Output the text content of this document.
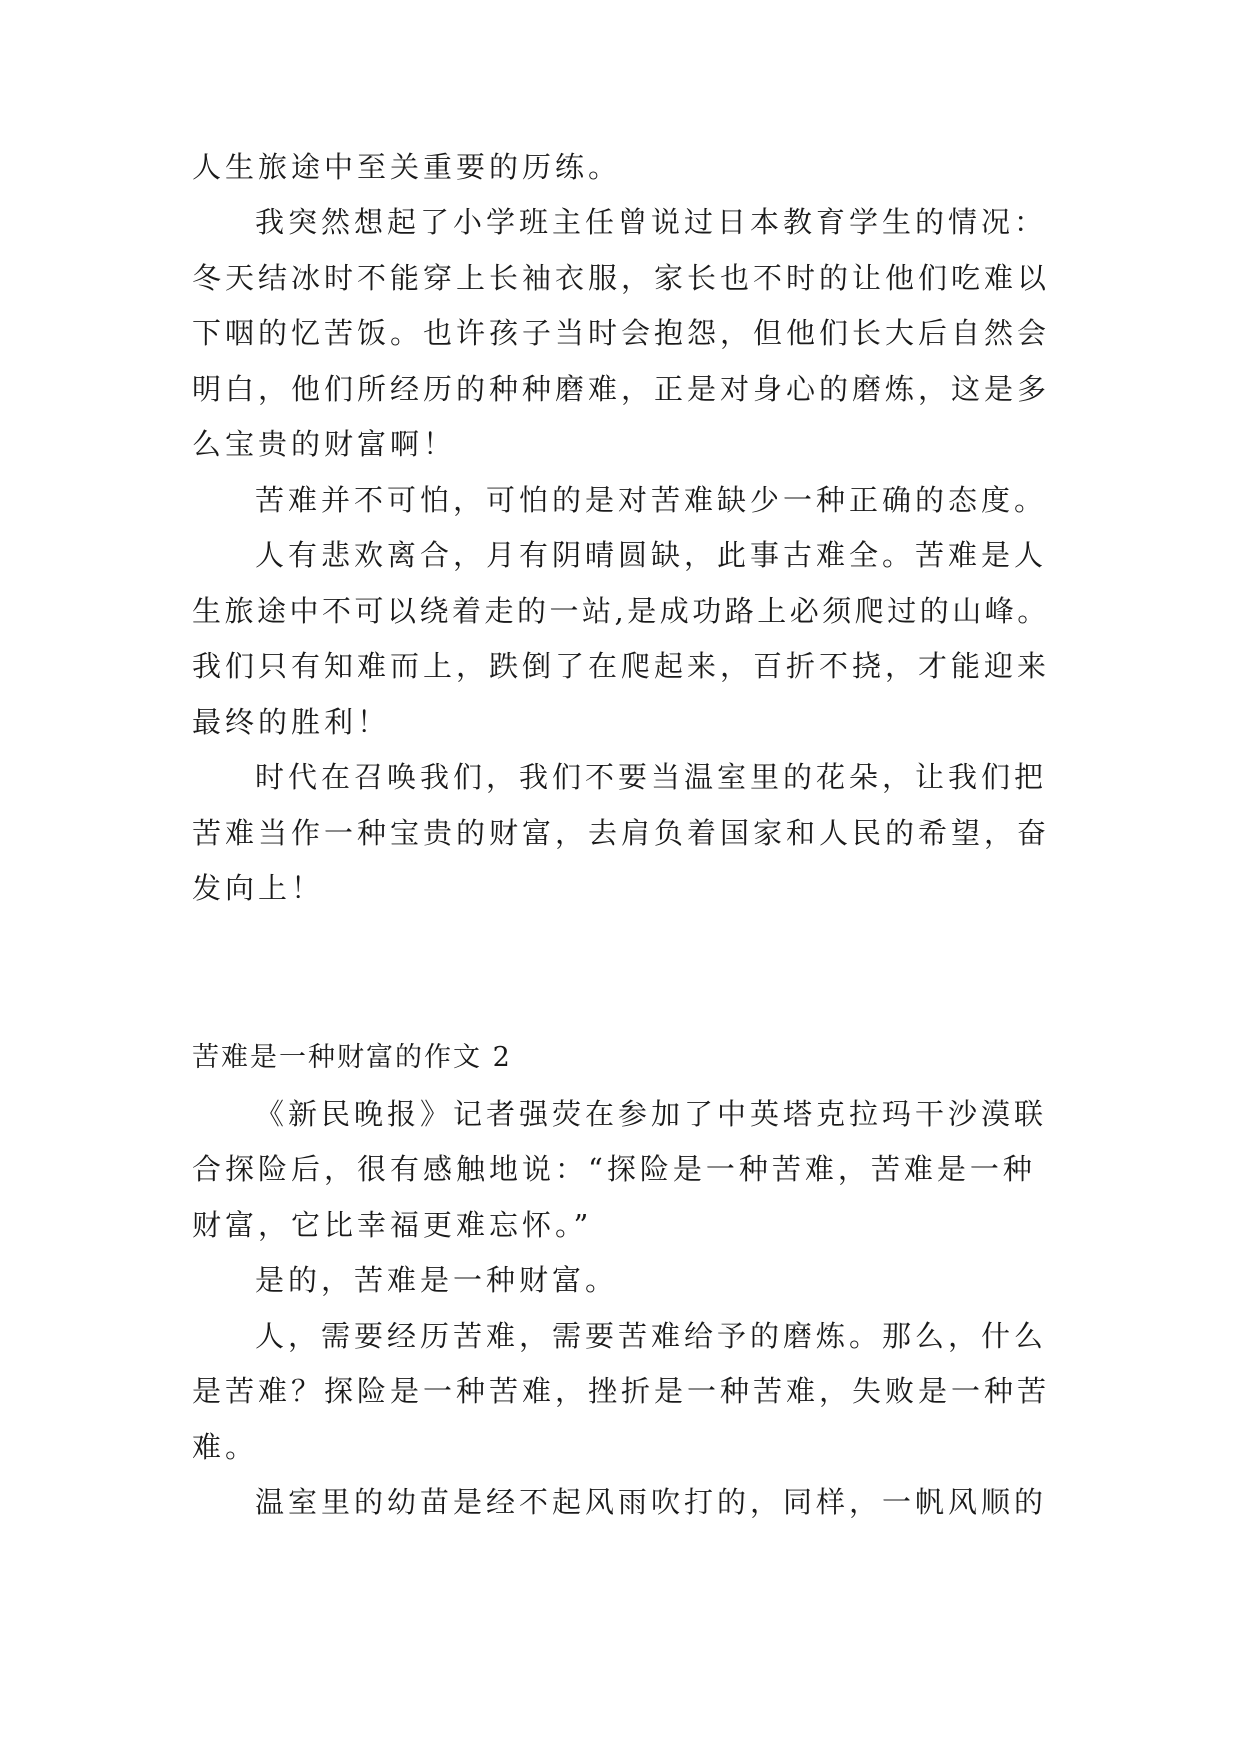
人生旅途中至关重要的历练。

我突然想起了小学班主任曾说过日本教育学生的情况：

冬天结冰时不能穿上长袖衣服，家长也不时的让他们吃难以

下咽的忆苦饭。也许孩子当时会抱怨，但他们长大后自然会

明白，他们所经历的种种磨难，正是对身心的磨炼，这是多

么宝贵的财富啊！

苦难并不可怕，可怕的是对苦难缺少一种正确的态度。

人有悲欢离合，月有阴晴圆缺，此事古难全。苦难是人

生旅途中不可以绕着走的一站,是成功路上必须爬过的山峰。

我们只有知难而上，跌倒了在爬起来，百折不挠，才能迎来

最终的胜利！

时代在召唤我们，我们不要当温室里的花朵，让我们把

苦难当作一种宝贵的财富，去肩负着国家和人民的希望，奋

发向上！

苦难是一种财富的作文 2

《新民晚报》记者强荧在参加了中英塔克拉玛干沙漠联

合探险后，很有感触地说：“探险是一种苦难，苦难是一种

财富，它比幸福更难忘怀。”

是的，苦难是一种财富。

人，需要经历苦难，需要苦难给予的磨炼。那么，什么

是苦难？探险是一种苦难，挫折是一种苦难，失败是一种苦

难。

温室里的幼苗是经不起风雨吹打的，同样，一帆风顺的
